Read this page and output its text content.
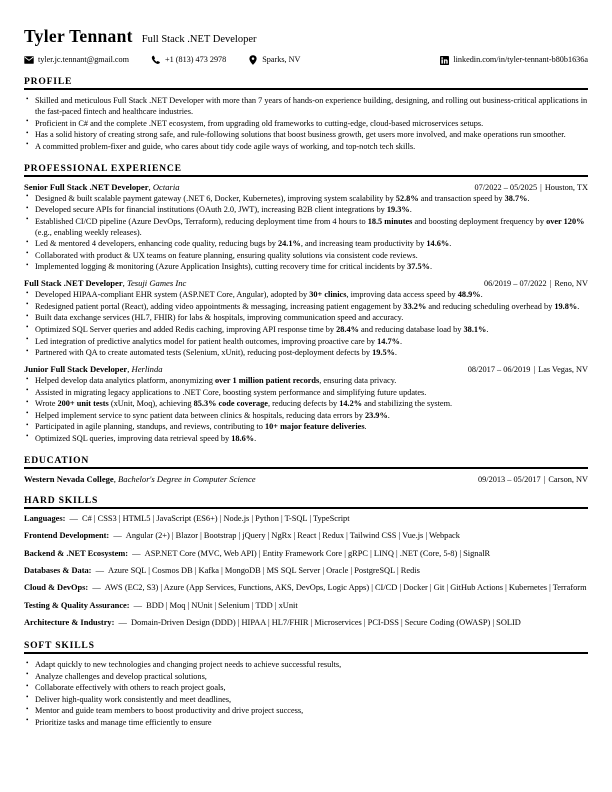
Tyler Tennant Full Stack .NET Developer
tyler.jc.tennant@gmail.com	+1 (813) 473 2978	Sparks, NV	linkedin.com/in/tyler-tennant-b80b1636a
PROFILE
• Skilled and meticulous Full Stack .NET Developer with more than 7 years of hands-on experience building, designing, and rolling out business-critical applications in the fast-paced fintech and healthcare industries.
• Proficient in C# and the complete .NET ecosystem, from upgrading old frameworks to cutting-edge, cloud-based microservices setups.
• Has a solid history of creating strong safe, and rule-following solutions that boost business growth, get users more involved, and make operations run smoother.
• A committed problem-fixer and guide, who cares about tidy code agile ways of working, and top-notch tech skills.
PROFESSIONAL EXPERIENCE
Senior Full Stack .NET Developer, Octaria	07/2022 – 05/2025 | Houston, TX
• Designed & built scalable payment gateway (.NET 6, Docker, Kubernetes), improving system scalability by 52.8% and transaction speed by 38.7%.
• Developed secure APIs for financial institutions (OAuth 2.0, JWT), increasing B2B client integrations by 19.3%.
• Established CI/CD pipeline (Azure DevOps, Terraform), reducing deployment time from 4 hours to 18.5 minutes and boosting deployment frequency by over 120% (e.g., enabling weekly releases).
• Led & mentored 4 developers, enhancing code quality, reducing bugs by 24.1%, and increasing team productivity by 14.6%.
• Collaborated with product & UX teams on feature planning, ensuring quality solutions via consistent code reviews.
• Implemented logging & monitoring (Azure Application Insights), cutting recovery time for critical incidents by 37.5%.
Full Stack .NET Developer, Tesuji Games Inc	06/2019 – 07/2022 | Reno, NV
• Developed HIPAA-compliant EHR system (ASP.NET Core, Angular), adopted by 30+ clinics, improving data access speed by 48.9%.
• Redesigned patient portal (React), adding video appointments & messaging, increasing patient engagement by 33.2% and reducing scheduling overhead by 19.8%.
• Built data exchange services (HL7, FHIR) for labs & hospitals, improving communication speed and accuracy.
• Optimized SQL Server queries and added Redis caching, improving API response time by 28.4% and reducing database load by 38.1%.
• Led integration of predictive analytics model for patient health outcomes, improving proactive care by 14.7%.
• Partnered with QA to create automated tests (Selenium, xUnit), reducing post-deployment defects by 19.5%.
Junior Full Stack Developer, Herlinda	08/2017 – 06/2019 | Las Vegas, NV
• Helped develop data analytics platform, anonymizing over 1 million patient records, ensuring data privacy.
• Assisted in migrating legacy applications to .NET Core, boosting system performance and simplifying future updates.
• Wrote 200+ unit tests (xUnit, Moq), achieving 85.3% code coverage, reducing defects by 14.2% and stabilizing the system.
• Helped implement service to sync patient data between clinics & hospitals, reducing data errors by 23.9%.
• Participated in agile planning, standups, and reviews, contributing to 10+ major feature deliveries.
• Optimized SQL queries, improving data retrieval speed by 18.6%.
EDUCATION
Western Nevada College, Bachelor's Degree in Computer Science	09/2013 – 05/2017 | Carson, NV
HARD SKILLS
Languages: — C# | CSS3 | HTML5 | JavaScript (ES6+) | Node.js | Python | T-SQL | TypeScript
Frontend Development: — Angular (2+) | Blazor | Bootstrap | jQuery | NgRx | React | Redux | Tailwind CSS | Vue.js | Webpack
Backend & .NET Ecosystem: — ASP.NET Core (MVC, Web API) | Entity Framework Core | gRPC | LINQ | .NET (Core, 5-8) | SignalR
Databases & Data: — Azure SQL | Cosmos DB | Kafka | MongoDB | MS SQL Server | Oracle | PostgreSQL | Redis
Cloud & DevOps: — AWS (EC2, S3) | Azure (App Services, Functions, AKS, DevOps, Logic Apps) | CI/CD | Docker | Git | GitHub Actions | Kubernetes | Terraform
Testing & Quality Assurance: — BDD | Moq | NUnit | Selenium | TDD | xUnit
Architecture & Industry: — Domain-Driven Design (DDD) | HIPAA | HL7/FHIR | Microservices | PCI-DSS | Secure Coding (OWASP) | SOLID
SOFT SKILLS
• Adapt quickly to new technologies and changing project needs to achieve successful results,
• Analyze challenges and develop practical solutions,
• Collaborate effectively with others to reach project goals,
• Deliver high-quality work consistently and meet deadlines,
• Mentor and guide team members to boost productivity and drive project success,
• Prioritize tasks and manage time efficiently to ensure
